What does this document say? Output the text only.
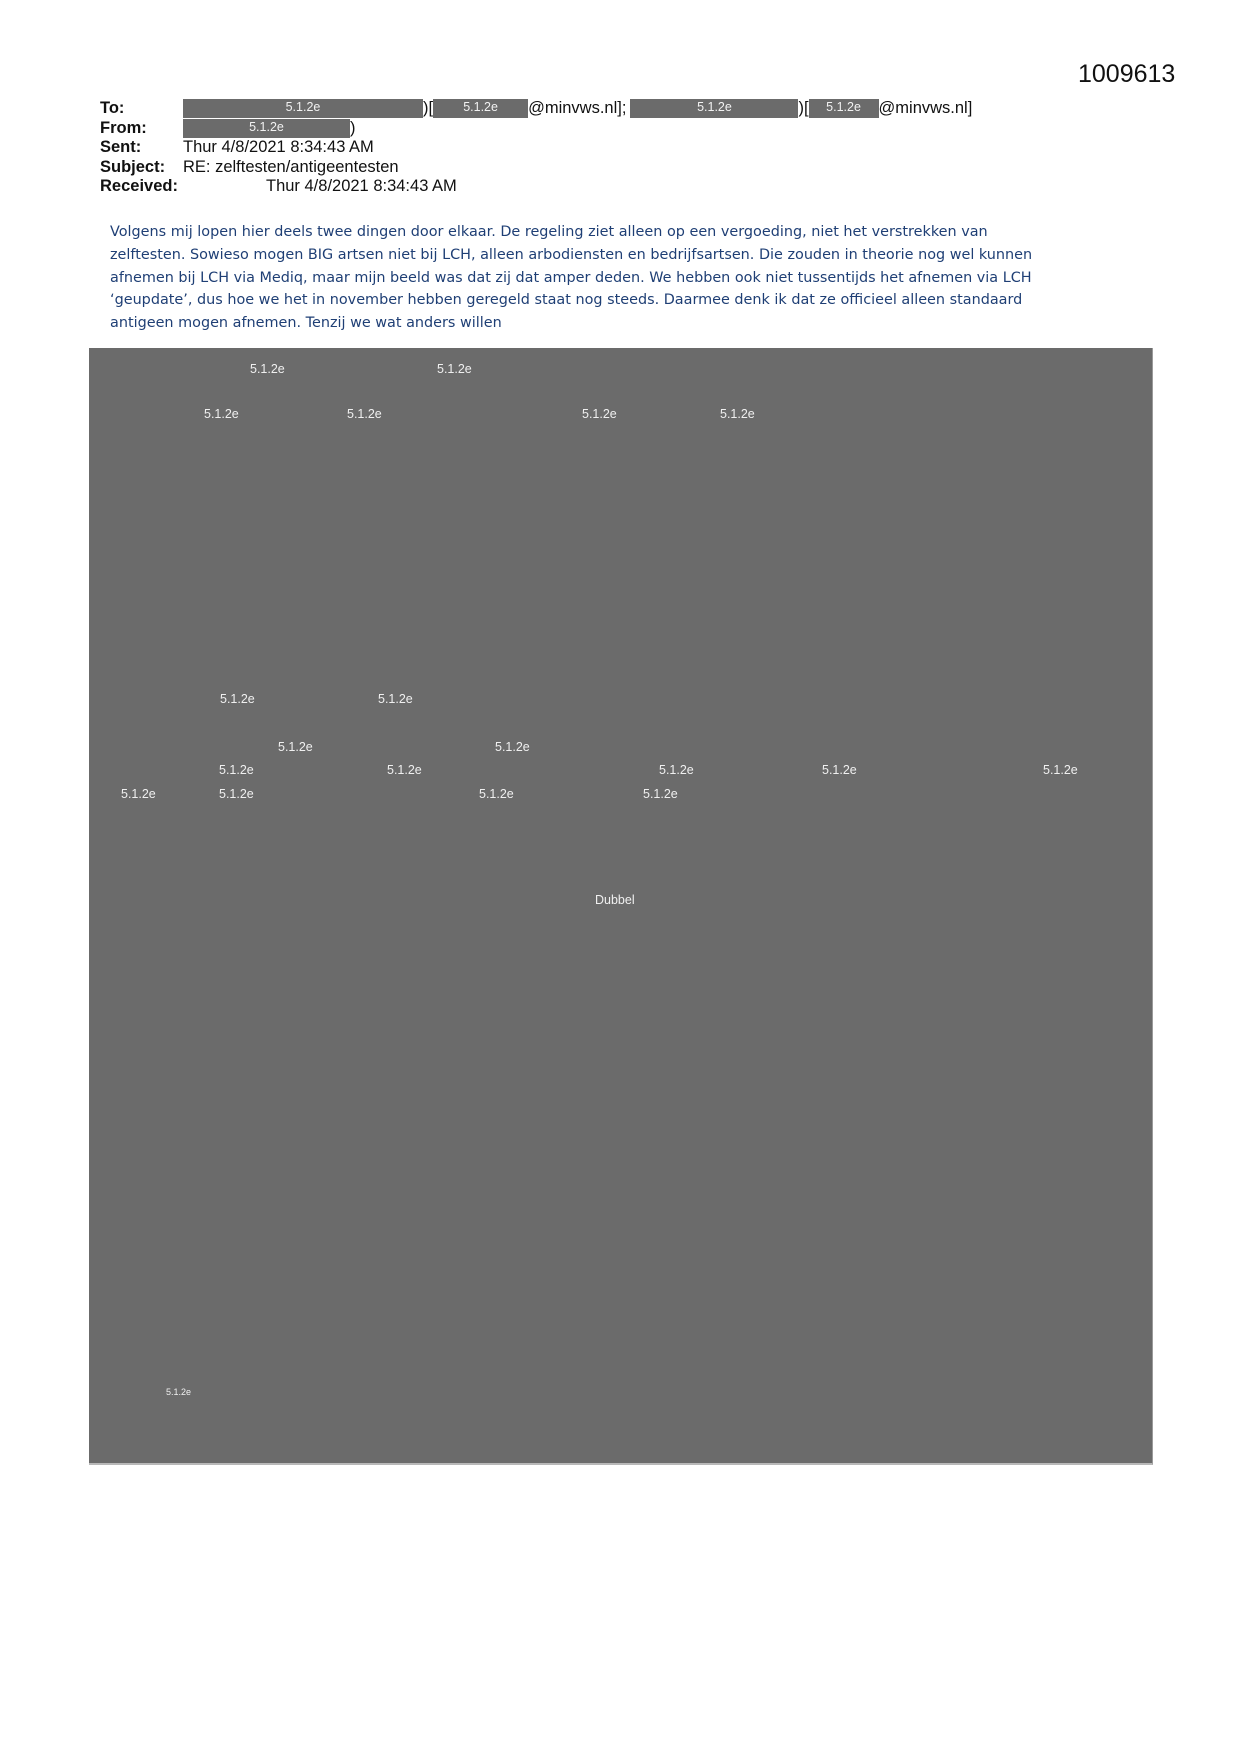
1009613
To:	5.1.2e	)[ 5.1.2e @minvws.nl];	5.1.2e	)[ 5.1.2e @minvws.nl]
From:	5.1.2e	)
Sent:	Thur 4/8/2021 8:34:43 AM
Subject: RE: zelftesten/antigeentesten
Received:	Thur 4/8/2021 8:34:43 AM

Volgens mij lopen hier deels twee dingen door elkaar. De regeling ziet alleen op een vergoeding, niet het verstrekken van

zelftesten. Sowieso mogen BIG artsen niet bij LCH, alleen arbodiensten en bedrijfsartsen. Die zouden in theorie nog wel kunnen

afnemen bij LCH via Mediq, maar mijn beeld was dat zij dat amper deden. We hebben ook niet tussentijds het afnemen via LCH

‘geupdate’, dus hoe we het in november hebben geregeld staat nog steeds. Daarmee denk ik dat ze officieel alleen standaard

antigeen mogen afnemen. Tenzij we wat anders willen

5.1.2e	5.1.2e
5.1.2e	5.1.2e	5.1.2e	5.1.2e
5.1.2e	5.1.2e
5.1.2e	5.1.2e
5.1.2e	5.1.2e	5.1.2e	5.1.2e	5.1.2e
5.1.2e	5.1.2e	5.1.2e	5.1.2e
Dubbel
5.1.2e
